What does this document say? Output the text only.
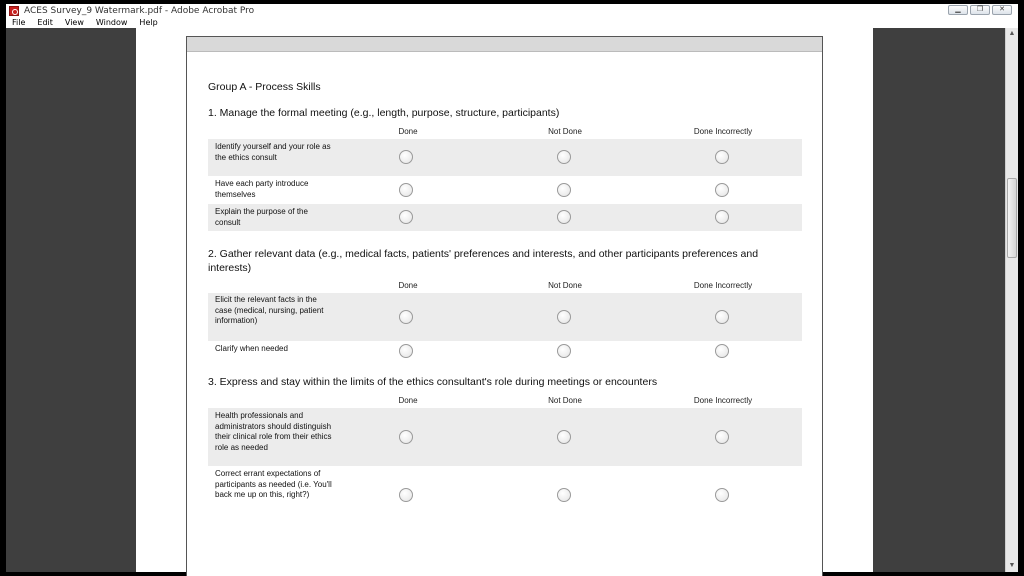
ACES Survey_9 Watermark.pdf - Adobe Acrobat Pro	▁	❐	✕
File Edit View Window Help
▲
▼
Group A - Process Skills
1. Manage the formal meeting (e.g., length, purpose, structure, participants)
Done	Not Done	Done Incorrectly
Identify yourself and your role as the ethics consult
Have each party introduce themselves
Explain the purpose of the consult
2. Gather relevant data (e.g., medical facts, patients' preferences and interests, and other participants preferences and interests)
Done	Not Done	Done Incorrectly
Elicit the relevant facts in the case (medical, nursing, patient information)
Clarify when needed
3. Express and stay within the limits of the ethics consultant's role during meetings or encounters
Done	Not Done	Done Incorrectly
Health professionals and administrators should distinguish their clinical role from their ethics role as needed
Correct errant expectations of participants as needed (i.e. You'll back me up on this, right?)
